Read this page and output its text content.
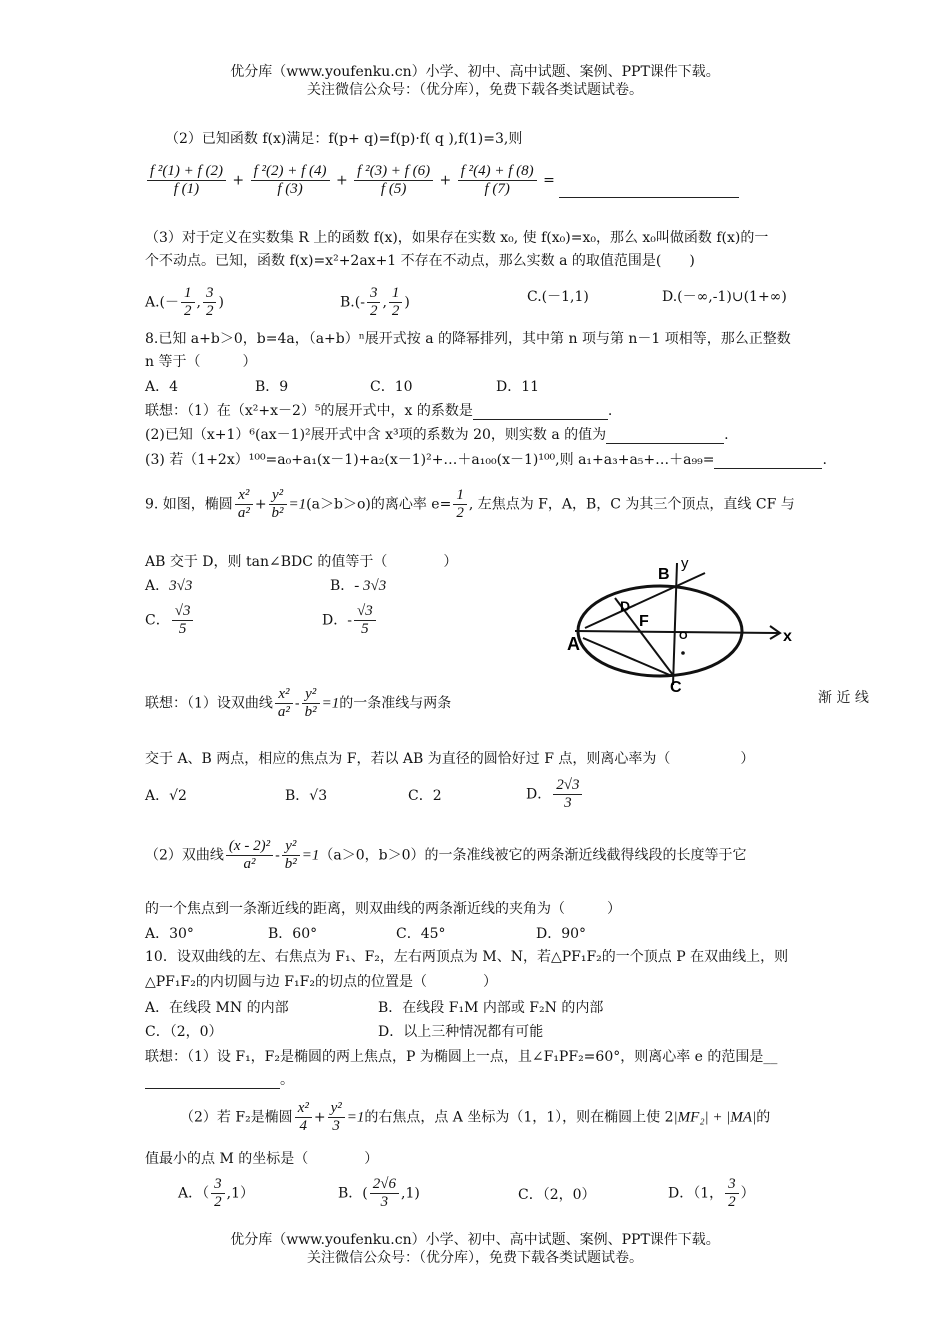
优分库（www.youfenku.cn）小学、初中、高中试题、案例、PPT课件下载。
关注微信公众号：（优分库），免费下载各类试题试卷。
（2）已知函数 f(x)满足：f(p+ q)=f(p)·f( q ),f(1)=3,则
$\frac{\text{f ²(1) + f (2)}}{f (1)} + \frac{\text{f ²(2) + f (4)}}{f (3)} + \frac{\text{f ²(3) + f (6)}}{f (5)} + \frac{\text{f ²(4) + f (8)}}{f (7)}$ =
（3）对于定义在实数集 R 上的函数 f(x)，如果存在实数 x₀, 使 f(x₀)=x₀，那么 x₀叫做函数 f(x)的一
个不动点。已知，函数 f(x)=x²+2ax+1 不存在不动点，那么实数 a 的取值范围是(　　)
$A.(- \frac{1}{2}$ , $\frac{3}{2}$ )	$B.(- \frac{3}{2}$ , $\frac{1}{2}$ )	C.(－1,1)	D.(－∞,-1)∪(1+∞)
8.已知 a+b＞0，b=4a，（a+b）ⁿ展开式按 a 的降幂排列，其中第 n 项与第 n－1 项相等，那么正整数
n 等于（　　　）
A．4	B．9	C．10	D．11
联想：（1）在（x²+x－2）⁵的展开式中，x 的系数是	.
(2)已知（x+1）⁶(ax－1)²展开式中含 x³项的系数为 20，则实数 a 的值为	.
(3) 若（1+2x）¹⁰⁰=a₀+a₁(x－1)+a₂(x－1)²+…＋a₁₀₀(x－1)¹⁰⁰,则 a₁+a₃+a₅+…＋a₉₉=	.
9. 如图，椭圆 $\frac{\text{x²}}{\text{a²}} + \frac{\text{y²}}{\text{b²}} =1(a>b>o)$的离心率 $e= \frac{1}{2}$ , 左焦点为 F，A，B，C 为其三个顶点，直线 CF 与
AB 交于 D，则 tan∠BDC 的值等于（　　　　）
A．3√3	B．- 3√3
C． $\frac{√3}{5}$	D．- $\frac{√3}{5}$
B
y
D
F
A	O	x
C
联想：（1）设双曲线 $\frac{\text{x²}}{\text{a²}} - \frac{\text{y²}}{\text{b²}} =1$的一条准线与两条	渐 近 线
交于 A、B 两点，相应的焦点为 F，若以 AB 为直径的圆恰好过 F 点，则离心率为（　　　　　）
A．√2	B．√3	C．2	D． $\frac{2√3}{3}$
（2）双曲线 $\frac{\text{(x - 2)²}}{\text{a²}} - \frac{\text{y²}}{\text{b²}} =1(a>0$，b＞0）的一条准线被它的两条渐近线截得线段的长度等于它
的一个焦点到一条渐近线的距离，则双曲线的两条渐近线的夹角为（　　　）
A．30°	B．60°	C．45°	D．90°
10．设双曲线的左、右焦点为 F₁、F₂，左右两顶点为 M、N，若△PF₁F₂的一个顶点 P 在双曲线上，则
△PF₁F₂的内切圆与边 F₁F₂的切点的位置是（　　　　）
A．在线段 MN 的内部	B．在线段 F₁M 内部或 F₂N 的内部
C．（2，0）	D．以上三种情况都有可能
联想：（1）设 F₁，F₂是椭圆的两上焦点，P 为椭圆上一点，且∠F₁PF₂=60°，则离心率 e 的范围是__
。
（2）若 F₂是椭圆 $\frac{\text{x²}}{4} + \frac{\text{y²}}{3} =1$的右焦点，点 A 坐标为（1，1），则在椭圆上使 2|MF₂| + |MA|的
值最小的点 M 的坐标是（　　　　）
A．（ $\frac{3}{2} ,1$）	B．( $\frac{2√6}{3} ,1$)	C．（2，0）	D．（1， $\frac{3}{2}$ ）
优分库（www.youfenku.cn）小学、初中、高中试题、案例、PPT课件下载。
关注微信公众号：（优分库），免费下载各类试题试卷。
